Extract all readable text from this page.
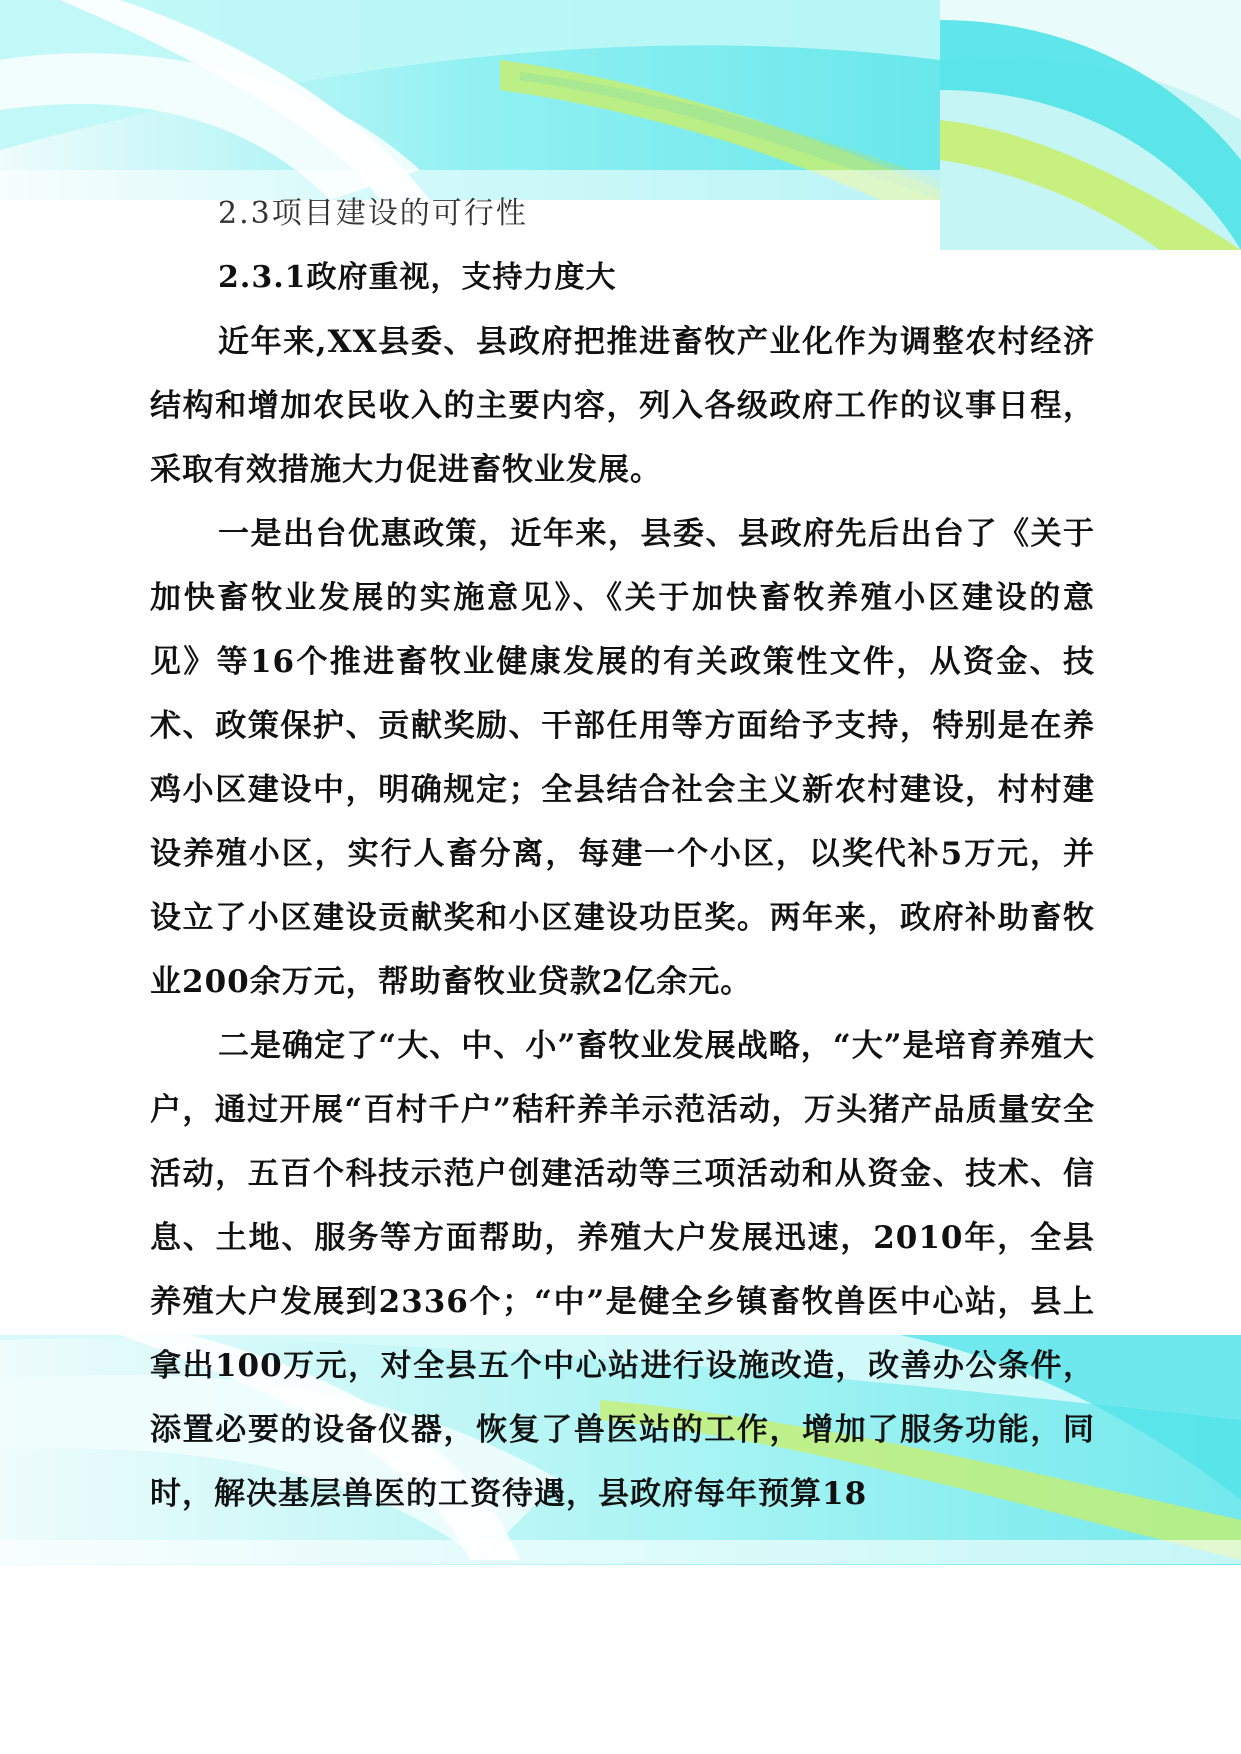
2.3项目建设的可行性

2.3.1政府重视，支持力度大

近年来,XX县委、县政府把推进畜牧产业化作为调整农村经济结构和增加农民收入的主要内容，列入各级政府工作的议事日程，采取有效措施大力促进畜牧业发展。

一是出台优惠政策，近年来，县委、县政府先后出台了《关于加快畜牧业发展的实施意见》、《关于加快畜牧养殖小区建设的意见》等16个推进畜牧业健康发展的有关政策性文件，从资金、技术、政策保护、贡献奖励、干部任用等方面给予支持，特别是在养鸡小区建设中，明确规定；全县结合社会主义新农村建设，村村建设养殖小区，实行人畜分离，每建一个小区，以奖代补5万元，并设立了小区建设贡献奖和小区建设功臣奖。两年来，政府补助畜牧业200余万元，帮助畜牧业贷款2亿余元。

二是确定了“大、中、小”畜牧业发展战略，“大”是培育养殖大户，通过开展“百村千户”秸秆养羊示范活动，万头猪产品质量安全活动，五百个科技示范户创建活动等三项活动和从资金、技术、信息、土地、服务等方面帮助，养殖大户发展迅速，2010年，全县养殖大户发展到2336个；“中”是健全乡镇畜牧兽医中心站，县上拿出100万元，对全县五个中心站进行设施改造，改善办公条件，添置必要的设备仪器，恢复了兽医站的工作，增加了服务功能，同时，解决基层兽医的工资待遇，县政府每年预算18
